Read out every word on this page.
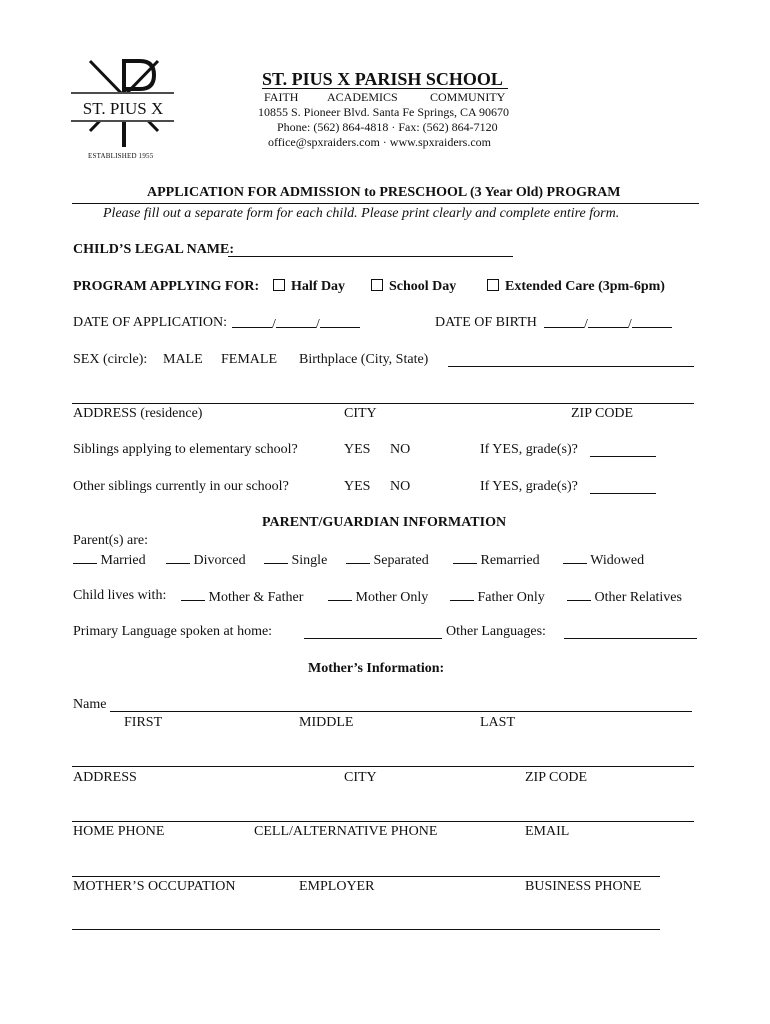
ST. PIUS X
ESTABLISHED 1955
ST. PIUS X PARISH SCHOOL
FAITH ACADEMICS	COMMUNITY
10855 S. Pioneer Blvd. Santa Fe Springs, CA 90670
Phone: (562) 864-4818 · Fax: (562) 864-7120
office@spxraiders.com · www.spxraiders.com
APPLICATION FOR ADMISSION to PRESCHOOL (3 Year Old) PROGRAM
Please fill out a separate form for each child. Please print clearly and complete entire form.
CHILD’S LEGAL NAME:
PROGRAM APPLYING FOR:	Half Day	School Day	Extended Care (3pm-6pm)
DATE OF APPLICATION:	/	/	DATE OF BIRTH	/	/
SEX (circle): MALE FEMALE Birthplace (City, State)
ADDRESS (residence)	CITY	ZIP CODE
Siblings applying to elementary school?	YES NO	If YES, grade(s)?
Other siblings currently in our school?	YES NO	If YES, grade(s)?
PARENT/GUARDIAN INFORMATION
Parent(s) are:
Married	Divorced	Single	Separated	Remarried	Widowed
Child lives with:	Mother & Father	Mother Only	Father Only	Other Relatives
Primary Language spoken at home:	Other Languages:
Mother’s Information:
Name
FIRST	MIDDLE	LAST
ADDRESS	CITY	ZIP CODE
HOME PHONE	CELL/ALTERNATIVE PHONE	EMAIL
MOTHER’S OCCUPATION	EMPLOYER	BUSINESS PHONE
